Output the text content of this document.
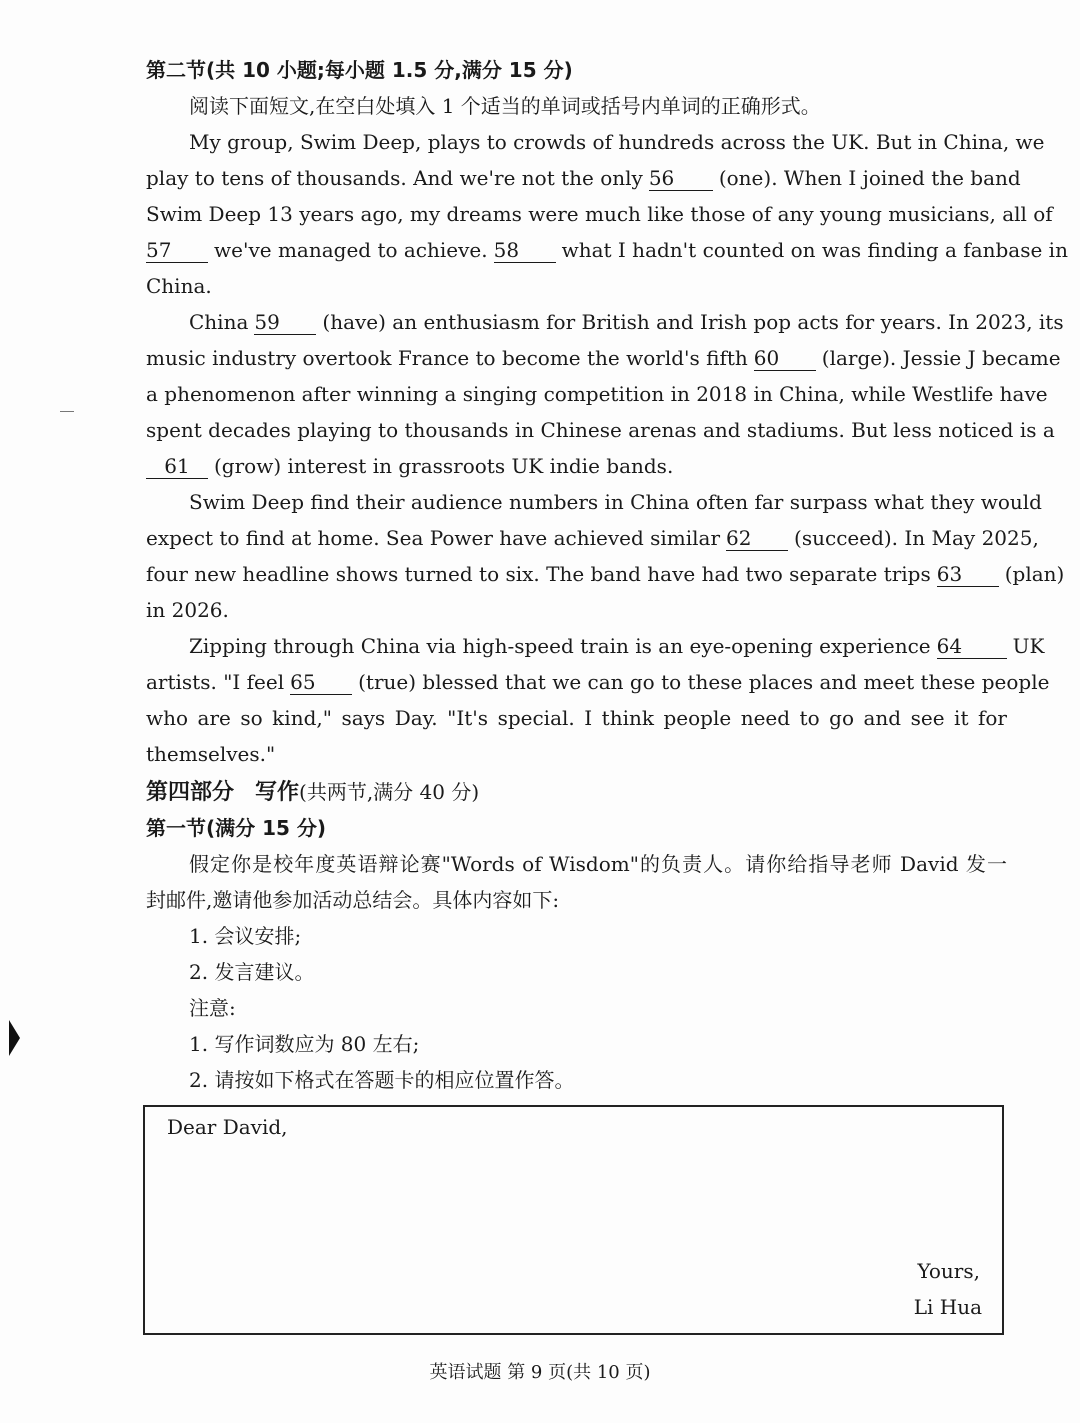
第二节(共 10 小题;每小题 1.5 分,满分 15 分)
阅读下面短文,在空白处填入 1 个适当的单词或括号内单词的正确形式。
My group, Swim Deep, plays to crowds of hundreds across the UK. But in China, we
play to tens of thousands. And we're not the only 56 (one). When I joined the band
Swim Deep 13 years ago, my dreams were much like those of any young musicians, all of
57 we've managed to achieve. 58 what I hadn't counted on was finding a fanbase in
China.
China 59 (have) an enthusiasm for British and Irish pop acts for years. In 2023, its
music industry overtook France to become the world's fifth 60 (large). Jessie J became
a phenomenon after winning a singing competition in 2018 in China, while Westlife have
spent decades playing to thousands in Chinese arenas and stadiums. But less noticed is a
61 (grow) interest in grassroots UK indie bands.
Swim Deep find their audience numbers in China often far surpass what they would
expect to find at home. Sea Power have achieved similar 62 (succeed). In May 2025,
four new headline shows turned to six. The band have had two separate trips 63 (plan)
in 2026.
Zipping through China via high-speed train is an eye-opening experience 64	UK
artists. "I feel 65 (true) blessed that we can go to these places and meet these people
who are so kind," says Day. "It's special. I think people need to go and see it for
themselves."
第四部分 写作(共两节,满分 40 分)
第一节(满分 15 分)
假定你是校年度英语辩论赛"Words of Wisdom"的负责人。请你给指导老师 David 发一
封邮件,邀请他参加活动总结会。具体内容如下:
1. 会议安排;
2. 发言建议。
注意:
1. 写作词数应为 80 左右;
2. 请按如下格式在答题卡的相应位置作答。
Dear David,
Yours,
Li Hua
英语试题 第 9 页(共 10 页)
